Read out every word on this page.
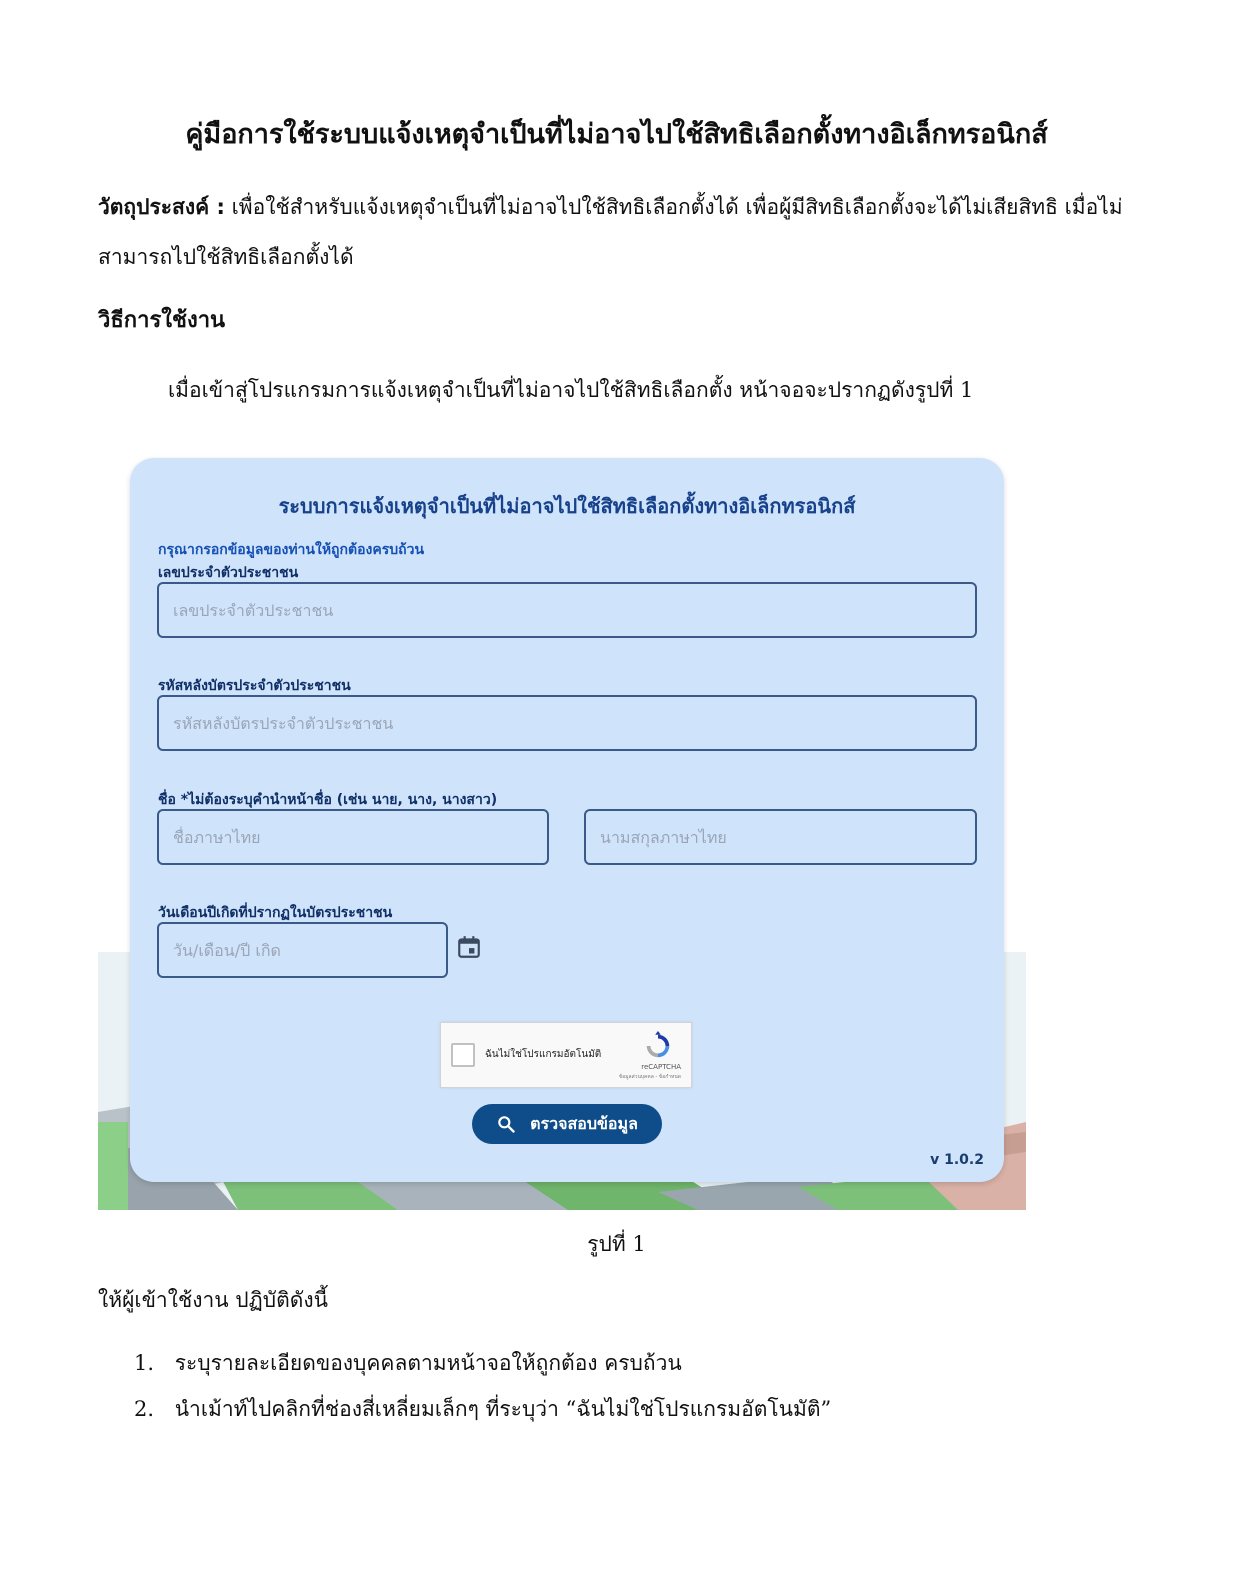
คู่มือการใช้ระบบแจ้งเหตุจำเป็นที่ไม่อาจไปใช้สิทธิเลือกตั้งทางอิเล็กทรอนิกส์
วัตถุประสงค์ : เพื่อใช้สำหรับแจ้งเหตุจำเป็นที่ไม่อาจไปใช้สิทธิเลือกตั้งได้ เพื่อผู้มีสิทธิเลือกตั้งจะได้ไม่เสียสิทธิ เมื่อไม่สามารถไปใช้สิทธิเลือกตั้งได้
วิธีการใช้งาน
เมื่อเข้าสู่โปรแกรมการแจ้งเหตุจำเป็นที่ไม่อาจไปใช้สิทธิเลือกตั้ง หน้าจอจะปรากฏดังรูปที่ 1
ระบบการแจ้งเหตุจำเป็นที่ไม่อาจไปใช้สิทธิเลือกตั้งทางอิเล็กทรอนิกส์
กรุณากรอกข้อมูลของท่านให้ถูกต้องครบถ้วน
เลขประจำตัวประชาชน
เลขประจำตัวประชาชน
รหัสหลังบัตรประจำตัวประชาชน
รหัสหลังบัตรประจำตัวประชาชน
ชื่อ *ไม่ต้องระบุคำนำหน้าชื่อ (เช่น นาย, นาง, นางสาว)
ชื่อภาษาไทย
นามสกุลภาษาไทย
วันเดือนปีเกิดที่ปรากฏในบัตรประชาชน
วัน/เดือน/ปี เกิด
ฉันไม่ใช่โปรแกรมอัตโนมัติ
reCAPTCHA
ข้อมูลส่วนบุคคล - ข้อกำหนด
ตรวจสอบข้อมูล
v 1.0.2
รูปที่ 1
ให้ผู้เข้าใช้งาน ปฏิบัติดังนี้
1. ระบุรายละเอียดของบุคคลตามหน้าจอให้ถูกต้อง ครบถ้วน
2. นำเม้าท์ไปคลิกที่ช่องสี่เหลี่ยมเล็กๆ ที่ระบุว่า “ฉันไม่ใช่โปรแกรมอัตโนมัติ”
